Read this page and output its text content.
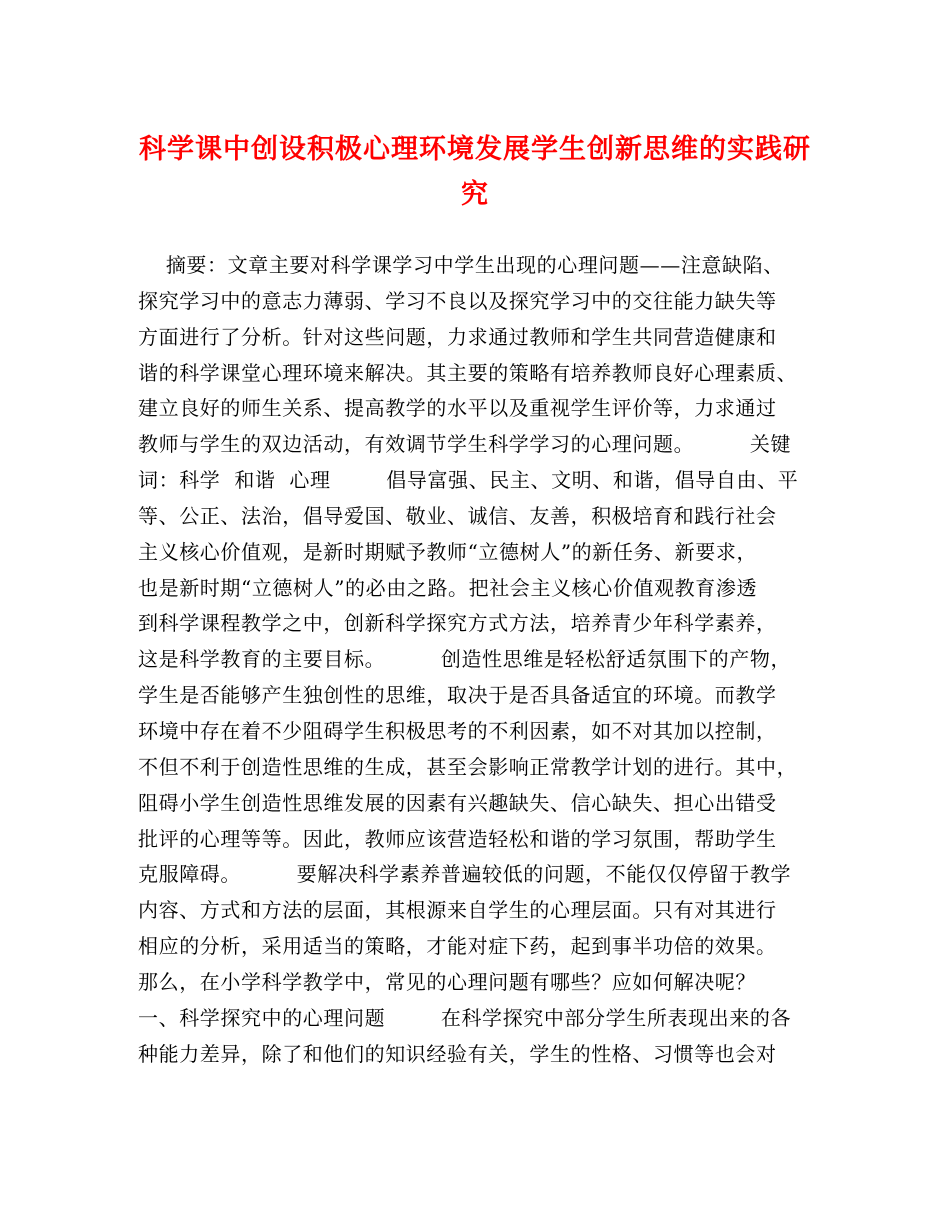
科学课中创设积极心理环境发展学生创新思维的实践研
究
摘要：文章主要对科学课学习中学生出现的心理问题——注意缺陷、
探究学习中的意志力薄弱、学习不良以及探究学习中的交往能力缺失等
方面进行了分析。针对这些问题，力求通过教师和学生共同营造健康和
谐的科学课堂心理环境来解决。其主要的策略有培养教师良好心理素质、
建立良好的师生关系、提高教学的水平以及重视学生评价等，力求通过
教师与学生的双边活动，有效调节学生科学学习的心理问题。        关键
词：科学  和谐  心理        倡导富强、民主、文明、和谐，倡导自由、平
等、公正、法治，倡导爱国、敬业、诚信、友善，积极培育和践行社会
主义核心价值观，是新时期赋予教师“立德树人”的新任务、新要求，
也是新时期“立德树人”的必由之路。把社会主义核心价值观教育渗透
到科学课程教学之中，创新科学探究方式方法，培养青少年科学素养，
这是科学教育的主要目标。        创造性思维是轻松舒适氛围下的产物，
学生是否能够产生独创性的思维，取决于是否具备适宜的环境。而教学
环境中存在着不少阻碍学生积极思考的不利因素，如不对其加以控制，
不但不利于创造性思维的生成，甚至会影响正常教学计划的进行。其中，
阻碍小学生创造性思维发展的因素有兴趣缺失、信心缺失、担心出错受
批评的心理等等。因此，教师应该营造轻松和谐的学习氛围，帮助学生
克服障碍。        要解决科学素养普遍较低的问题，不能仅仅停留于教学
内容、方式和方法的层面，其根源来自学生的心理层面。只有对其进行
相应的分析，采用适当的策略，才能对症下药，起到事半功倍的效果。
那么，在小学科学教学中，常见的心理问题有哪些？应如何解决呢？
一、科学探究中的心理问题        在科学探究中部分学生所表现出来的各
种能力差异，除了和他们的知识经验有关，学生的性格、习惯等也会对
